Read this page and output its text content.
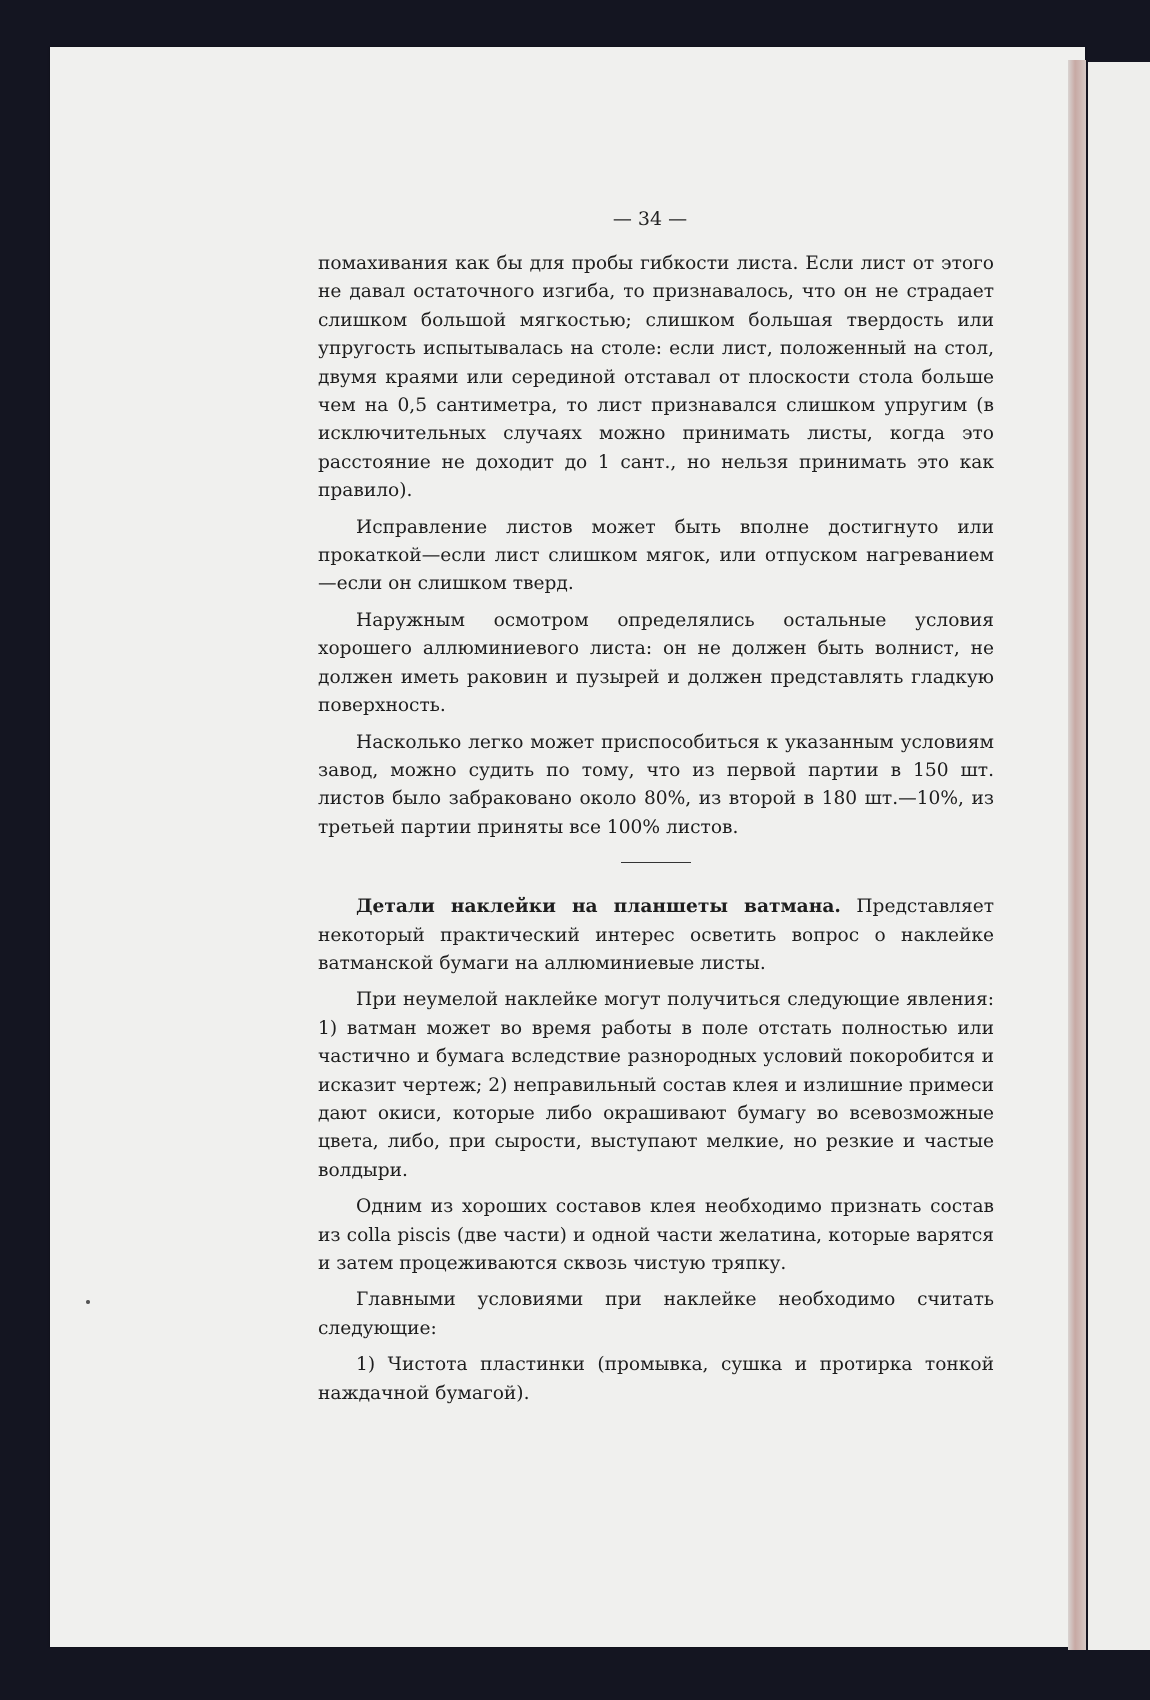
— 34 —

помахивания как бы для пробы гибкости листа. Если лист от этого не давал остаточного изгиба, то признавалось, что он не страдает слишком большой мягкостью; слишком большая твердость или упругость испытывалась на столе: если лист, положенный на стол, двумя краями или серединой отставал от плоскости стола больше чем на 0,5 сантиметра, то лист признавался слишком упругим (в исключительных случаях можно принимать листы, когда это расстояние не доходит до 1 сант., но нельзя принимать это как правило).

Исправление листов может быть вполне достигнуто или прокаткой—если лист слишком мягок, или отпуском нагреванием—если он слишком тверд.

Наружным осмотром определялись остальные условия хорошего аллюминиевого листа: он не должен быть волнист, не должен иметь раковин и пузырей и должен представлять гладкую поверхность.

Насколько легко может приспособиться к указанным условиям завод, можно судить по тому, что из первой партии в 150 шт. листов было забраковано около 80%, из второй в 180 шт.—10%, из третьей партии приняты все 100% листов.

Детали наклейки на планшеты ватмана. Представляет некоторый практический интерес осветить вопрос о наклейке ватманской бумаги на аллюминиевые листы.

При неумелой наклейке могут получиться следующие явления: 1) ватман может во время работы в поле отстать полностью или частично и бумага вследствие разнородных условий покоробится и исказит чертеж; 2) неправильный состав клея и излишние примеси дают окиси, которые либо окрашивают бумагу во всевозможные цвета, либо, при сырости, выступают мелкие, но резкие и частые волдыри.

Одним из хороших составов клея необходимо признать состав из colla piscis (две части) и одной части желатина, которые варятся и затем процеживаются сквозь чистую тряпку.

Главными условиями при наклейке необходимо считать следующие:

1) Чистота пластинки (промывка, сушка и протирка тонкой наждачной бумагой).
